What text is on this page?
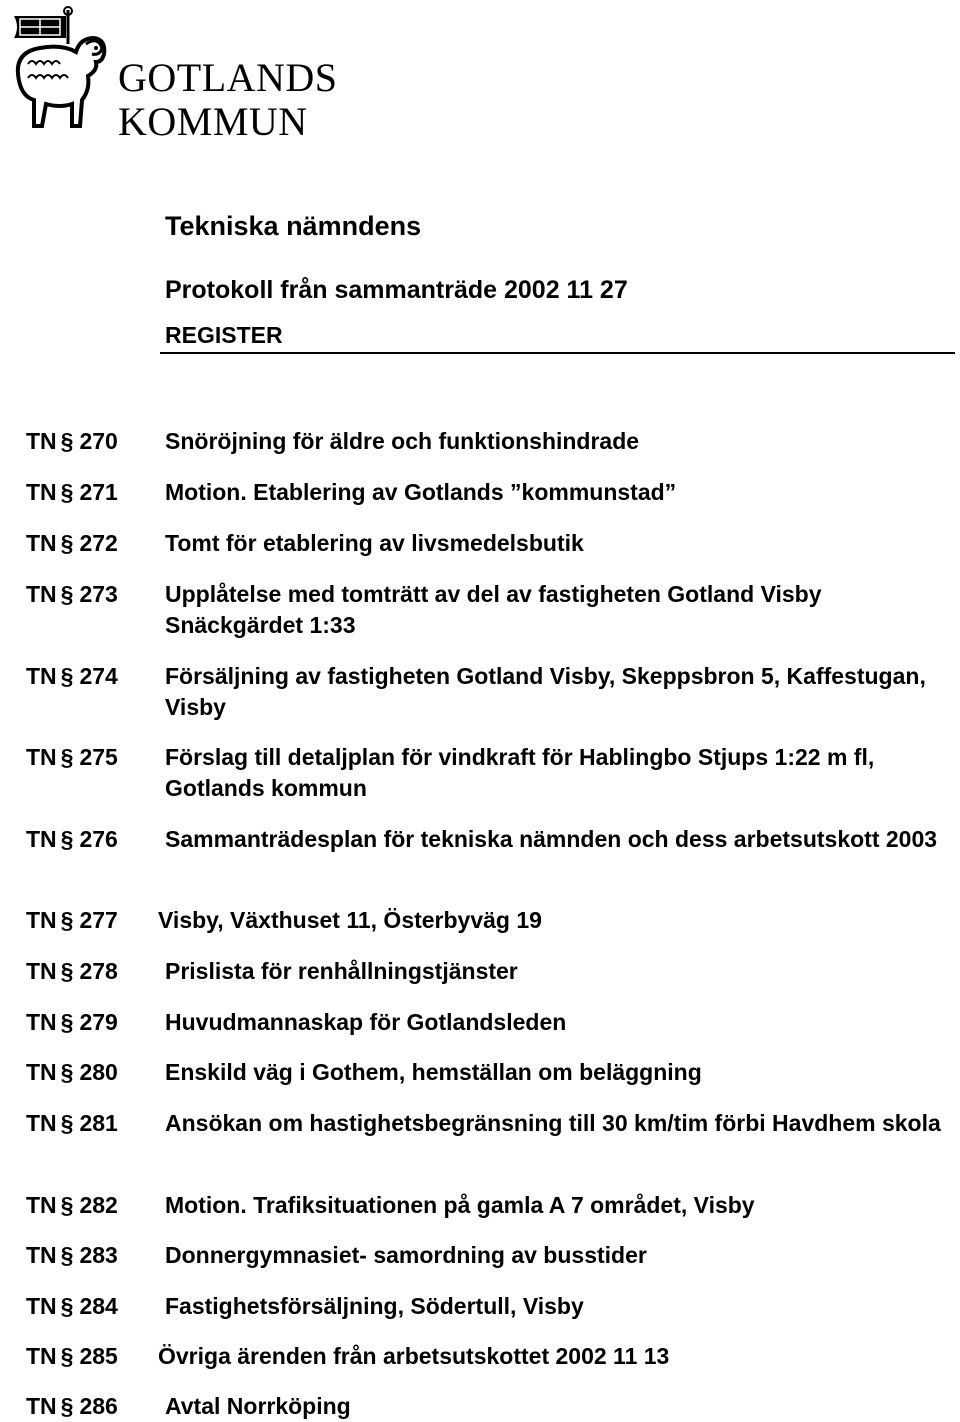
GOTLANDS
KOMMUN
Tekniska nämndens
Protokoll från sammanträde 2002 11 27
REGISTER
TN § 270 Snöröjning för äldre och funktionshindrade
TN § 271 Motion. Etablering av Gotlands ”kommunstad”
TN § 272 Tomt för etablering av livsmedelsbutik
TN § 273 Upplåtelse med tomträtt av del av fastigheten Gotland Visby Snäckgärdet 1:33
TN § 274 Försäljning av fastigheten Gotland Visby, Skeppsbron 5, Kaffestugan, Visby
TN § 275 Förslag till detaljplan för vindkraft för Hablingbo Stjups 1:22 m fl, Gotlands kommun
TN § 276 Sammanträdesplan för tekniska nämnden och dess arbetsutskott 2003
TN § 277 Visby, Växthuset 11, Österbyväg 19
TN § 278 Prislista för renhållningstjänster
TN § 279 Huvudmannaskap för Gotlandsleden
TN § 280 Enskild väg i Gothem, hemställan om beläggning
TN § 281 Ansökan om hastighetsbegränsning till 30 km/tim förbi Havdhem skola
TN § 282 Motion. Trafiksituationen på gamla A 7 området, Visby
TN § 283 Donnergymnasiet- samordning av busstider
TN § 284 Fastighetsförsäljning, Södertull, Visby
TN § 285 Övriga ärenden från arbetsutskottet 2002 11 13
TN § 286 Avtal Norrköping
